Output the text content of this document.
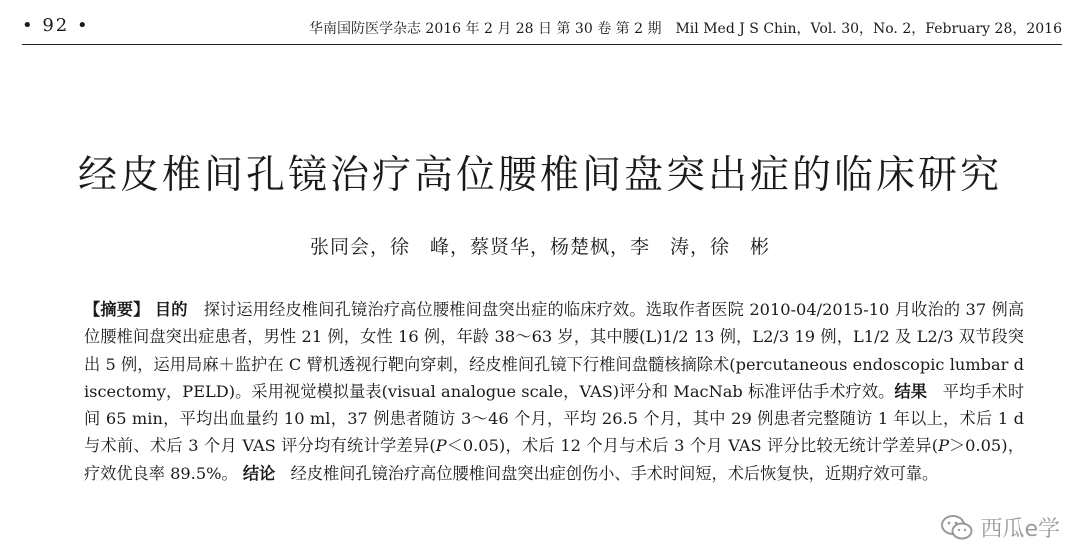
• 92 •	华南国防医学杂志 2016 年 2 月 28 日 第 30 卷 第 2 期　Mil Med J S Chin，Vol. 30，No. 2，February 28，2016
经皮椎间孔镜治疗高位腰椎间盘突出症的临床研究
张同会，徐　峰，蔡贤华，杨楚枫，李　涛，徐　彬
【摘要】 目的 探讨运用经皮椎间孔镜治疗高位腰椎间盘突出症的临床疗效。选取作者医院 2010-04/2015-10 月收治的 37 例高位腰椎间盘突出症患者，男性 21 例，女性 16 例，年龄 38～63 岁，其中腰(L)1/2 13 例，L2/3 19 例，L1/2 及 L2/3 双节段突出 5 例，运用局麻＋监护在 C 臂机透视行靶向穿刺，经皮椎间孔镜下行椎间盘髓核摘除术(percutaneous endoscopic lumbar discectomy，PELD)。采用视觉模拟量表(visual analogue scale，VAS)评分和 MacNab 标准评估手术疗效。结果 平均手术时间 65 min，平均出血量约 10 ml，37 例患者随访 3～46 个月，平均 26.5 个月，其中 29 例患者完整随访 1 年以上，术后 1 d 与术前、术后 3 个月 VAS 评分均有统计学差异(P＜0.05)，术后 12 个月与术后 3 个月 VAS 评分比较无统计学差异(P＞0.05)，疗效优良率 89.5%。 结论 经皮椎间孔镜治疗高位腰椎间盘突出症创伤小、手术时间短，术后恢复快，近期疗效可靠。
西瓜e学
